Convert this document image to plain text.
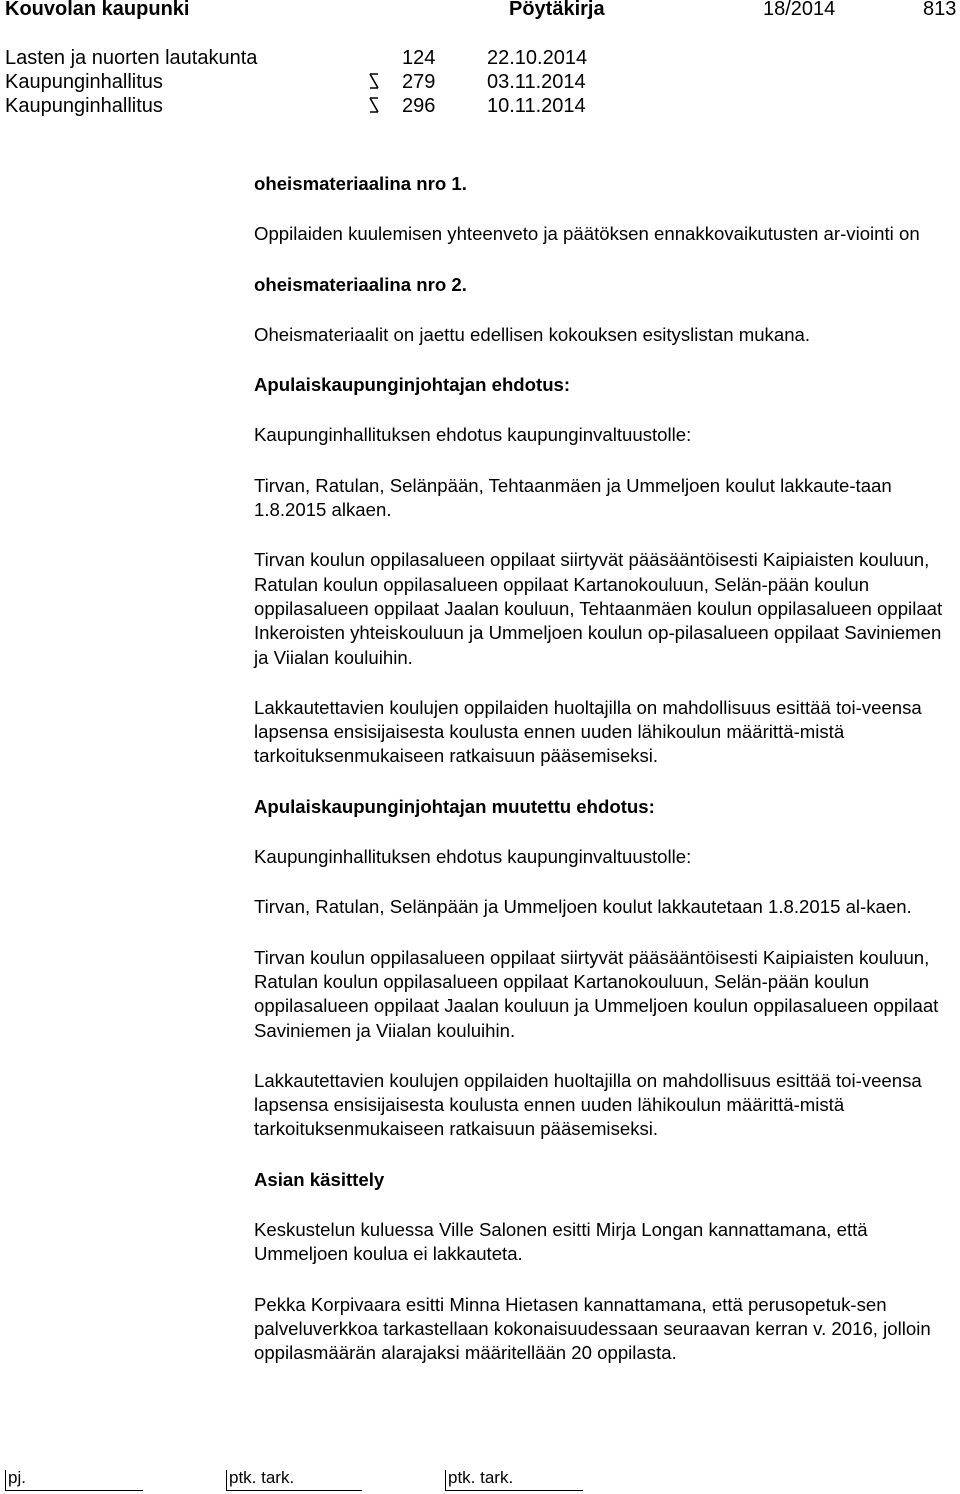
Kouvolan kaupunki	Pöytäkirja	18/2014	813
Lasten ja nuorten lautakunta	124	22.10.2014
Kaupunginhallitus	279	03.11.2014
Kaupunginhallitus	296	10.11.2014

oheismateriaalina nro 1.

Oppilaiden kuulemisen yhteenveto ja päätöksen ennakkovaikutusten ar-viointi on

oheismateriaalina nro 2.

Oheismateriaalit on jaettu edellisen kokouksen esityslistan mukana.

Apulaiskaupunginjohtajan ehdotus:

Kaupunginhallituksen ehdotus kaupunginvaltuustolle:

Tirvan, Ratulan, Selänpään, Tehtaanmäen ja Ummeljoen koulut lakkaute-taan 1.8.2015 alkaen.

Tirvan koulun oppilasalueen oppilaat siirtyvät pääsääntöisesti Kaipiaisten kouluun, Ratulan koulun oppilasalueen oppilaat Kartanokouluun, Selän-pään koulun oppilasalueen oppilaat Jaalan kouluun, Tehtaanmäen koulun oppilasalueen oppilaat Inkeroisten yhteiskouluun ja Ummeljoen koulun op-pilasalueen oppilaat Saviniemen ja Viialan kouluihin.

Lakkautettavien koulujen oppilaiden huoltajilla on mahdollisuus esittää toi-veensa lapsensa ensisijaisesta koulusta ennen uuden lähikoulun määrittä-mistä tarkoituksenmukaiseen ratkaisuun pääsemiseksi.

Apulaiskaupunginjohtajan muutettu ehdotus:

Kaupunginhallituksen ehdotus kaupunginvaltuustolle:

Tirvan, Ratulan, Selänpään ja Ummeljoen koulut lakkautetaan 1.8.2015 al-kaen.

Tirvan koulun oppilasalueen oppilaat siirtyvät pääsääntöisesti Kaipiaisten kouluun, Ratulan koulun oppilasalueen oppilaat Kartanokouluun, Selän-pään koulun oppilasalueen oppilaat Jaalan kouluun ja Ummeljoen koulun oppilasalueen oppilaat Saviniemen ja Viialan kouluihin.

Lakkautettavien koulujen oppilaiden huoltajilla on mahdollisuus esittää toi-veensa lapsensa ensisijaisesta koulusta ennen uuden lähikoulun määrittä-mistä tarkoituksenmukaiseen ratkaisuun pääsemiseksi.

Asian käsittely

Keskustelun kuluessa Ville Salonen esitti Mirja Longan kannattamana, että Ummeljoen koulua ei lakkauteta.

Pekka Korpivaara esitti Minna Hietasen kannattamana, että perusopetuk-sen palveluverkkoa tarkastellaan kokonaisuudessaan seuraavan kerran v. 2016, jolloin oppilasmäärän alarajaksi määritellään 20 oppilasta.

pj.	ptk. tark.	ptk. tark.
